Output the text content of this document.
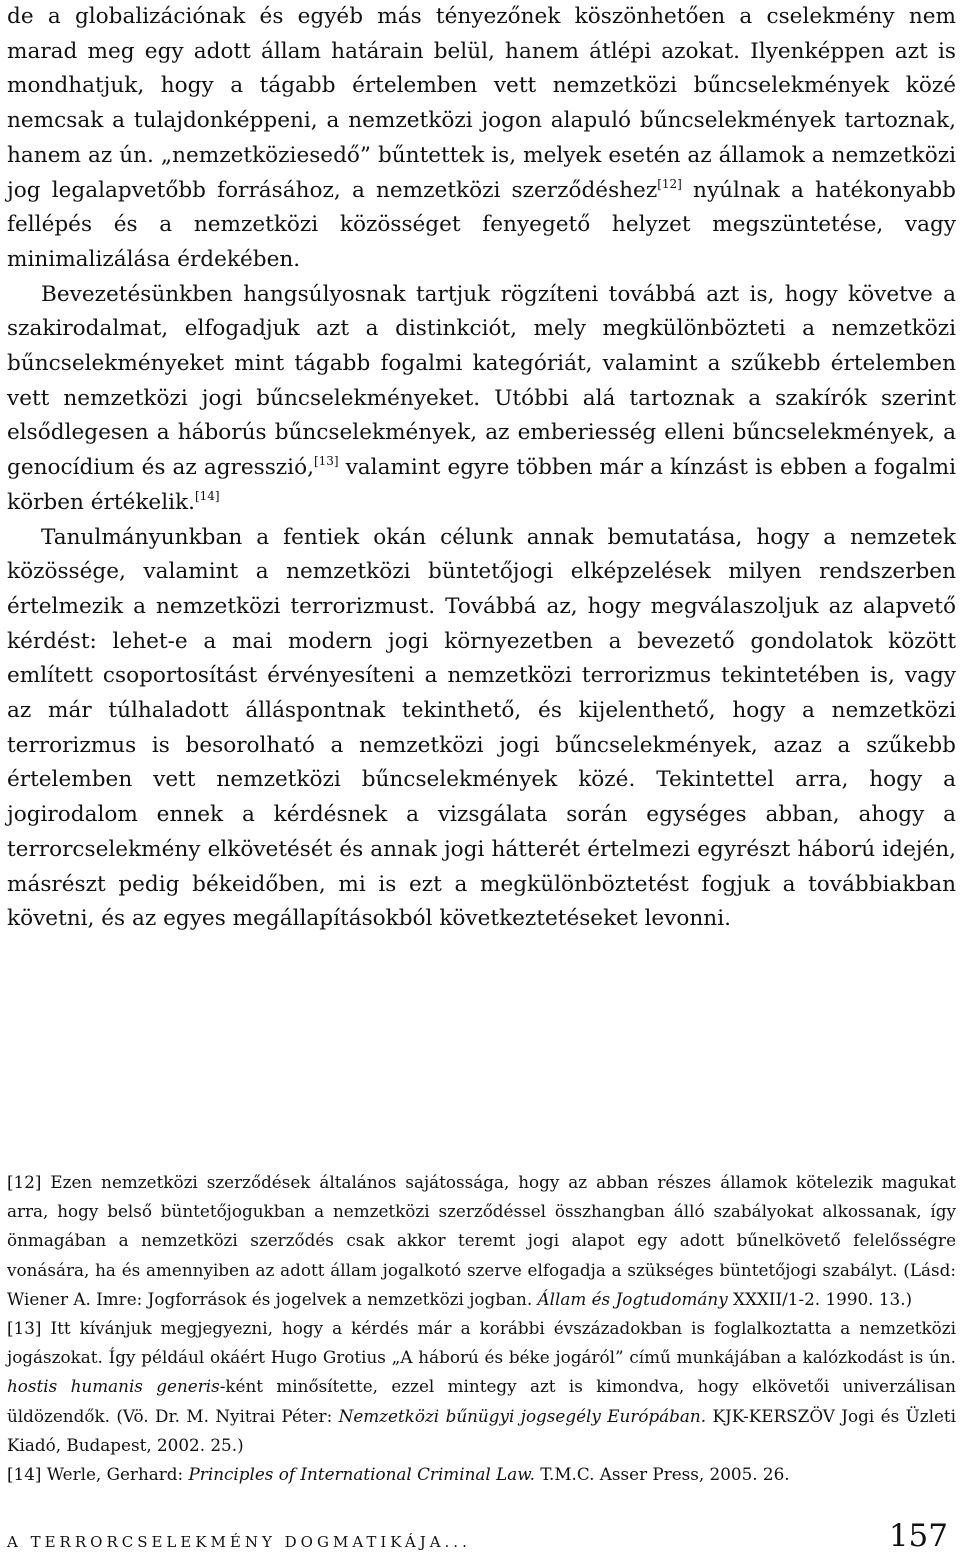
de a globalizációnak és egyéb más tényezőnek köszönhetően a cselekmény nem marad meg egy adott állam határain belül, hanem átlépi azokat. Ilyenképpen azt is mondhatjuk, hogy a tágabb értelemben vett nemzetközi bűncselekmények közé nemcsak a tulajdonképpeni, a nemzetközi jogon alapuló bűncselekmények tartoznak, hanem az ún. „nemzetköziesedő” bűntettek is, melyek esetén az államok a nemzetközi jog legalapvetőbb forrásához, a nemzetközi szerződéshez[12] nyúlnak a hatékonyabb fellépés és a nemzetközi közösséget fenyegető helyzet megszüntetése, vagy minimalizálása érdekében.

Bevezetésünkben hangsúlyosnak tartjuk rögzíteni továbbá azt is, hogy követve a szakirodalmat, elfogadjuk azt a distinkciót, mely megkülönbözteti a nemzetközi bűncselekményeket mint tágabb fogalmi kategóriát, valamint a szűkebb értelemben vett nemzetközi jogi bűncselekményeket. Utóbbi alá tartoznak a szakírók szerint elsődlegesen a háborús bűncselekmények, az emberiesség elleni bűncselekmények, a genocídium és az agresszió,[13] valamint egyre többen már a kínzást is ebben a fogalmi körben értékelik.[14]

Tanulmányunkban a fentiek okán célunk annak bemutatása, hogy a nemzetek közössége, valamint a nemzetközi büntetőjogi elképzelések milyen rendszerben értelmezik a nemzetközi terrorizmust. Továbbá az, hogy megválaszoljuk az alapvető kérdést: lehet-e a mai modern jogi környezetben a bevezető gondolatok között említett csoportosítást érvényesíteni a nemzetközi terrorizmus tekintetében is, vagy az már túlhaladott álláspontnak tekinthető, és kijelenthető, hogy a nemzetközi terrorizmus is besorolható a nemzetközi jogi bűncselekmények, azaz a szűkebb értelemben vett nemzetközi bűncselekmények közé. Tekintettel arra, hogy a jogirodalom ennek a kérdésnek a vizsgálata során egységes abban, ahogy a terrorcselekmény elkövetését és annak jogi hátterét értelmezi egyrészt háború idején, másrészt pedig békeidőben, mi is ezt a megkülönböztetést fogjuk a továbbiakban követni, és az egyes megállapításokból következtetéseket levonni.

[12] Ezen nemzetközi szerződések általános sajátossága, hogy az abban részes államok kötelezik magukat arra, hogy belső büntetőjogukban a nemzetközi szerződéssel összhangban álló szabályokat alkossanak, így önmagában a nemzetközi szerződés csak akkor teremt jogi alapot egy adott bűnelkövető felelősségre vonására, ha és amennyiben az adott állam jogalkotó szerve elfogadja a szükséges büntetőjogi szabályt. (Lásd: Wiener A. Imre: Jogforrások és jogelvek a nemzetközi jogban. Állam és Jogtudomány XXXII/1-2. 1990. 13.)

[13] Itt kívánjuk megjegyezni, hogy a kérdés már a korábbi évszázadokban is foglalkoztatta a nemzetközi jogászokat. Így például okáért Hugo Grotius „A háború és béke jogáról” című munkájában a kalózkodást is ún. hostis humanis generis-ként minősítette, ezzel mintegy azt is kimondva, hogy elkövetői univerzálisan üldözendők. (Vö. Dr. M. Nyitrai Péter: Nemzetközi bűnügyi jogsegély Európában. KJK-KERSZÖV Jogi és Üzleti Kiadó, Budapest, 2002. 25.)

[14] Werle, Gerhard: Principles of International Criminal Law. T.M.C. Asser Press, 2005. 26.

A TERRORCSELEKMÉNY DOGMATIKÁJA...	157
